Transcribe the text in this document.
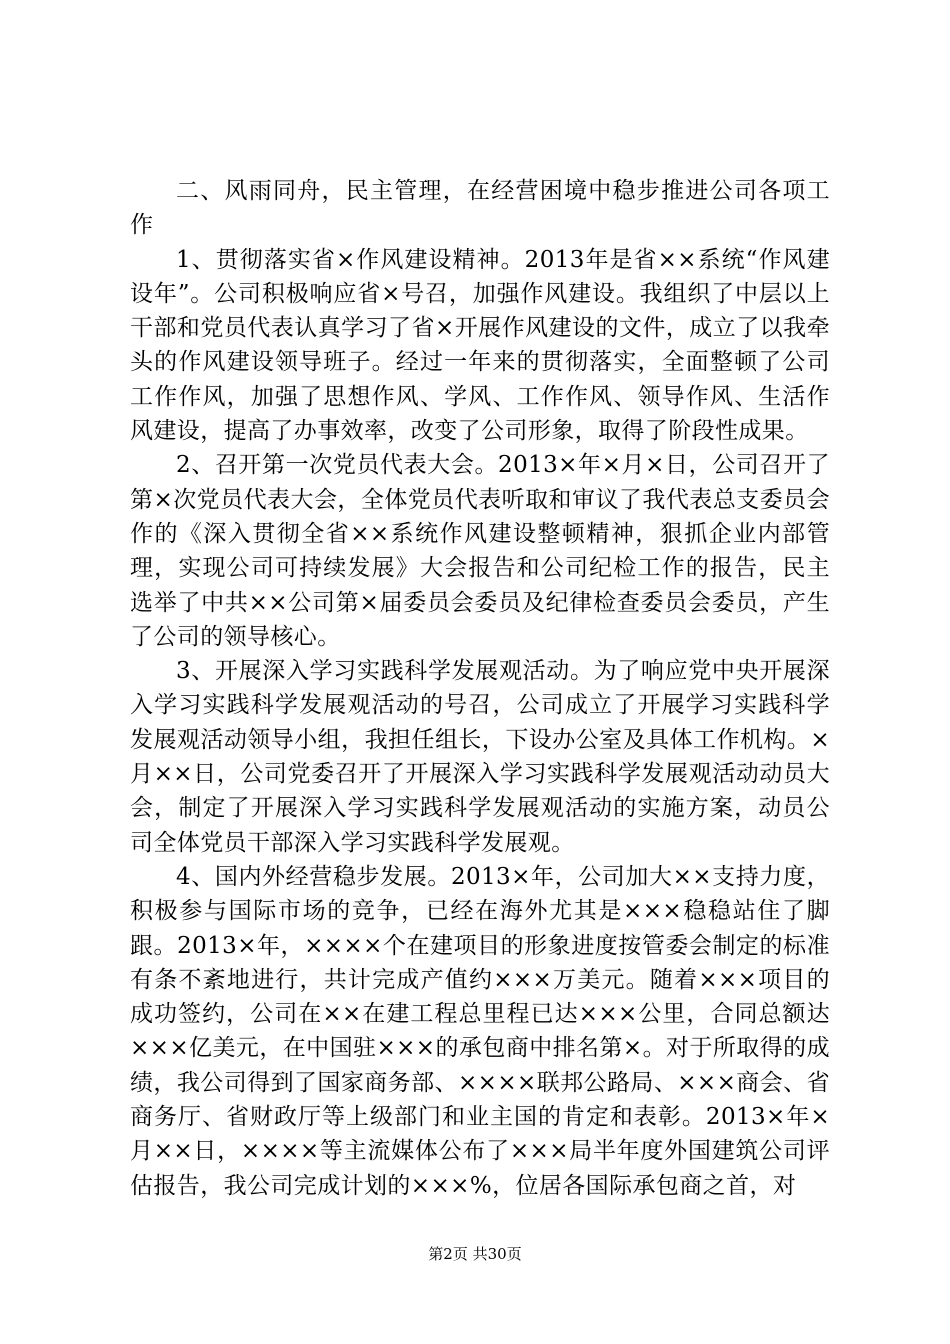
二、风雨同舟，民主管理，在经营困境中稳步推进公司各项工作

1、贯彻落实省×作风建设精神。2013年是省××系统“作风建设年”。公司积极响应省×号召，加强作风建设。我组织了中层以上干部和党员代表认真学习了省×开展作风建设的文件，成立了以我牵头的作风建设领导班子。经过一年来的贯彻落实，全面整顿了公司工作作风，加强了思想作风、学风、工作作风、领导作风、生活作风建设，提高了办事效率，改变了公司形象，取得了阶段性成果。

2、召开第一次党员代表大会。2013×年×月×日，公司召开了第×次党员代表大会，全体党员代表听取和审议了我代表总支委员会作的《深入贯彻全省××系统作风建设整顿精神，狠抓企业内部管理，实现公司可持续发展》大会报告和公司纪检工作的报告，民主选举了中共××公司第×届委员会委员及纪律检查委员会委员，产生了公司的领导核心。

3、开展深入学习实践科学发展观活动。为了响应党中央开展深入学习实践科学发展观活动的号召，公司成立了开展学习实践科学发展观活动领导小组，我担任组长，下设办公室及具体工作机构。×月××日，公司党委召开了开展深入学习实践科学发展观活动动员大会，制定了开展深入学习实践科学发展观活动的实施方案，动员公司全体党员干部深入学习实践科学发展观。

4、国内外经营稳步发展。2013×年，公司加大××支持力度，积极参与国际市场的竞争，已经在海外尤其是×××稳稳站住了脚跟。2013×年，××××个在建项目的形象进度按管委会制定的标准有条不紊地进行，共计完成产值约×××万美元。随着×××项目的成功签约，公司在××在建工程总里程已达×××公里，合同总额达×××亿美元，在中国驻×××的承包商中排名第×。对于所取得的成绩，我公司得到了国家商务部、××××联邦公路局、×××商会、省商务厅、省财政厅等上级部门和业主国的肯定和表彰。2013×年×月××日，××××等主流媒体公布了×××局半年度外国建筑公司评估报告，我公司完成计划的×××%，位居各国际承包商之首，对

第2页 共30页
